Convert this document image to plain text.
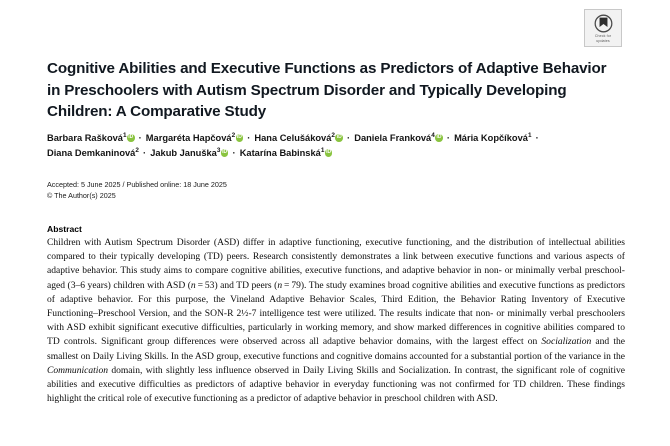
Check for
updates
Cognitive Abilities and Executive Functions as Predictors of Adaptive Behavior in Preschoolers with Autism Spectrum Disorder and Typically Developing Children: A Comparative Study
Barbara Rašková$^1$iD · Margaréta Hapčová$^2$iD · Hana Celušáková$^2$iD · Daniela Franková$^4$iD · Mária Kopčíková$^1$ · Diana Demkaninová$^2$ · Jakub Januška$^3$iD · Katarína Babinská$^1$iD
Accepted: 5 June 2025 / Published online: 18 June 2025
© The Author(s) 2025
Abstract
Children with Autism Spectrum Disorder (ASD) differ in adaptive functioning, executive functioning, and the distribution of intellectual abilities compared to their typically developing (TD) peers. Research consistently demonstrates a link between executive functions and various aspects of adaptive behavior. This study aims to compare cognitive abilities, executive functions, and adaptive behavior in non- or minimally verbal preschool-aged (3–6 years) children with ASD (n = 53) and TD peers (n = 79). The study examines broad cognitive abilities and executive functions as predictors of adaptive behavior. For this purpose, the Vineland Adaptive Behavior Scales, Third Edition, the Behavior Rating Inventory of Executive Functioning–Preschool Version, and the SON-R 2½-7 intelligence test were utilized. The results indicate that non- or minimally verbal preschoolers with ASD exhibit significant executive difficulties, particularly in working memory, and show marked differences in cognitive abilities compared to TD controls. Significant group differences were observed across all adaptive behavior domains, with the largest effect on Socialization and the smallest on Daily Living Skills. In the ASD group, executive functions and cognitive domains accounted for a substantial portion of the variance in the Communication domain, with slightly less influence observed in Daily Living Skills and Socialization. In contrast, the significant role of cognitive abilities and executive difficulties as predictors of adaptive behavior in everyday functioning was not confirmed for TD children. These findings highlight the critical role of executive functioning as a predictor of adaptive behavior in preschool children with ASD.
